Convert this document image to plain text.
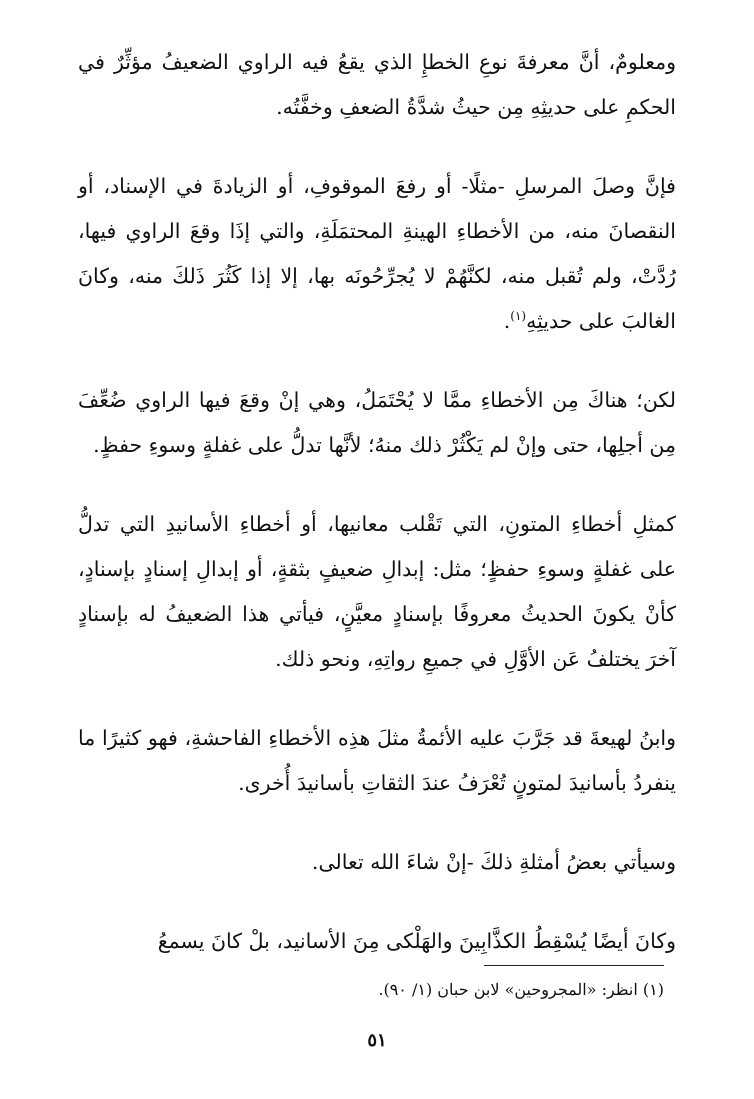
ومعلومٌ، أنَّ معرفةَ نوعِ الخطإِ الذي يقعُ فيه الراوي الضعيفُ مؤثِّرٌ في الحكمِ على حديثِهِ مِن حيثُ شدَّةُ الضعفِ وخفَّتُه.

فإنَّ وصلَ المرسلِ -مثلًا- أو رفعَ الموقوفِ، أو الزيادةَ في الإسناد، أو النقصانَ منه، من الأخطاءِ الهينةِ المحتمَلَةِ، والتي إذَا وقعَ الراوي فيها، رُدَّتْ، ولم تُقبل منه، لكنَّهُمْ لا يُجرِّحُونَه بها، إلا إذا كَثُرَ ذَلكَ منه، وكانَ الغالبَ على حديثِهِ$^{(١)}$.

لكن؛ هناكَ مِن الأخطاءِ ممَّا لا يُحْتَمَلُ، وهي إنْ وقعَ فيها الراوي ضُعِّفَ مِن أجلِها، حتى وإنْ لم يَكْثُرْ ذلك منهُ؛ لأنَّها تدلُّ على غفلةٍ وسوءِ حفظٍ.

كمثلِ أخطاءِ المتونِ، التي تَقْلب معانيها، أو أخطاءِ الأسانيدِ التي تدلُّ على غفلةٍ وسوءِ حفظٍ؛ مثل: إبدالِ ضعيفٍ بثقةٍ، أو إبدالِ إسنادٍ بإسنادٍ، كأنْ يكونَ الحديثُ معروفًا بإسنادٍ معيَّنٍ، فيأتي هذا الضعيفُ له بإسنادٍ آخرَ يختلفُ عَن الأوَّلِ في جميعِ رواتِهِ، ونحو ذلك.

وابنُ لهيعةَ قد جَرَّبَ عليه الأئمةُ مثلَ هذِه الأخطاءِ الفاحشةِ، فهو كثيرًا ما ينفردُ بأسانيدَ لمتونٍ تُعْرَفُ عندَ الثقاتِ بأسانيدَ أُخرى.

وسيأتي بعضُ أمثلةِ ذلكَ -إنْ شاءَ الله تعالى.

وكانَ أيضًا يُسْقِطُ الكذَّابِينَ والهَلْكى مِنَ الأسانيد، بلْ كانَ يسمعُ

(١) انظر: «المجروحين» لابن حبان (١/ ٩٠).
٥١
